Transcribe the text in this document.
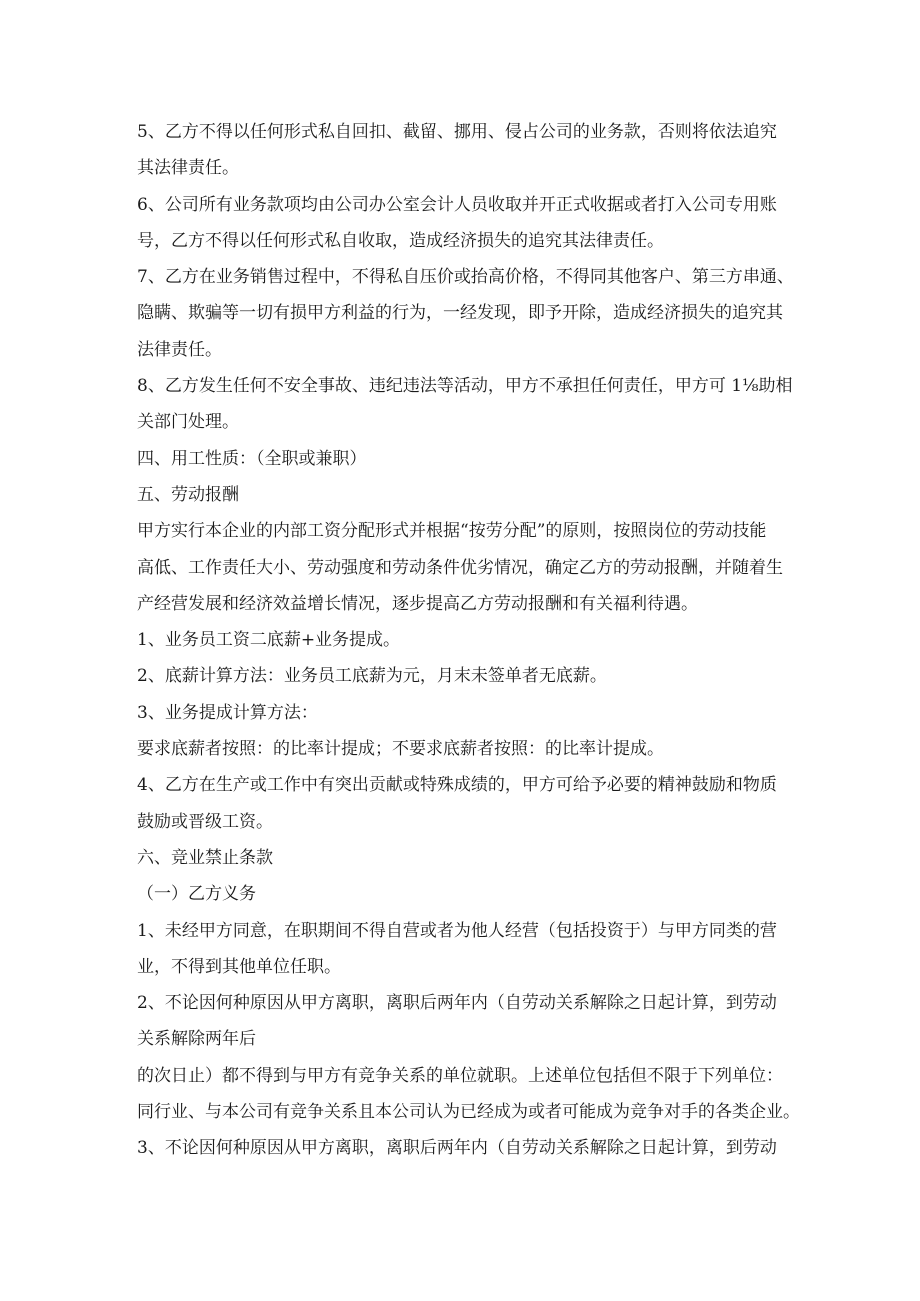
5、乙方不得以任何形式私自回扣、截留、挪用、侵占公司的业务款，否则将依法追究
其法律责任。
6、公司所有业务款项均由公司办公室会计人员收取并开正式收据或者打入公司专用账
号，乙方不得以任何形式私自收取，造成经济损失的追究其法律责任。
7、乙方在业务销售过程中，不得私自压价或抬高价格，不得同其他客户、第三方串通、
隐瞒、欺骗等一切有损甲方利益的行为，一经发现，即予开除，造成经济损失的追究其
法律责任。
8、乙方发生任何不安全事故、违纪违法等活动，甲方不承担任何责任，甲方可 1⅛助相
关部门处理。
四、用工性质：（全职或兼职）
五、劳动报酬
甲方实行本企业的内部工资分配形式并根据“按劳分配”的原则，按照岗位的劳动技能
高低、工作责任大小、劳动强度和劳动条件优劣情况，确定乙方的劳动报酬，并随着生
产经营发展和经济效益增长情况，逐步提高乙方劳动报酬和有关福利待遇。
1、业务员工资二底薪+业务提成。
2、底薪计算方法：业务员工底薪为元，月末未签单者无底薪。
3、业务提成计算方法：
要求底薪者按照：的比率计提成；不要求底薪者按照：的比率计提成。
4、乙方在生产或工作中有突出贡献或特殊成绩的，甲方可给予必要的精神鼓励和物质
鼓励或晋级工资。
六、竞业禁止条款
（一）乙方义务
1、未经甲方同意，在职期间不得自营或者为他人经营（包括投资于）与甲方同类的营
业，不得到其他单位任职。
2、不论因何种原因从甲方离职，离职后两年内（自劳动关系解除之日起计算，到劳动
关系解除两年后
的次日止）都不得到与甲方有竞争关系的单位就职。上述单位包括但不限于下列单位：
同行业、与本公司有竞争关系且本公司认为已经成为或者可能成为竞争对手的各类企业。
3、不论因何种原因从甲方离职，离职后两年内（自劳动关系解除之日起计算，到劳动
